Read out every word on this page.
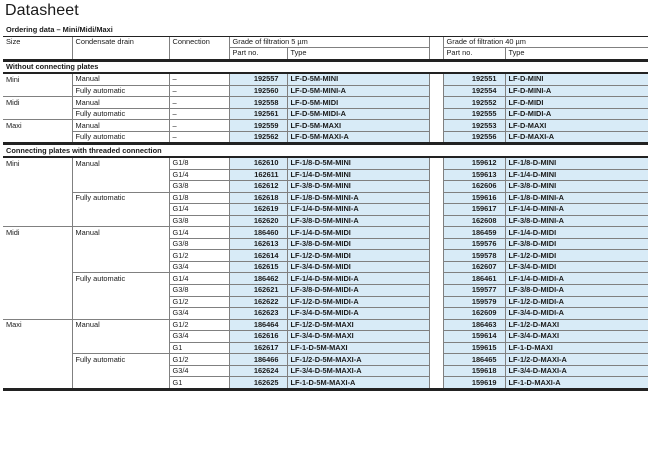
Datasheet
Ordering data – Mini/Midi/Maxi							
Size	Condensate drain	Connection	Grade of filtration 5 µm			Grade of filtration 40 µm	
			Part no.	Type		Part no.	Type
Without connecting plates							
Mini	Manual	–	192557	LF-D-5M-MINI		192551	LF-D-MINI
	Fully automatic	–	192560	LF-D-5M-MINI-A		192554	LF-D-MINI-A
Midi	Manual	–	192558	LF-D-5M-MIDI		192552	LF-D-MIDI
	Fully automatic	–	192561	LF-D-5M-MIDI-A		192555	LF-D-MIDI-A
Maxi	Manual	–	192559	LF-D-5M-MAXI		192553	LF-D-MAXI
	Fully automatic	–	192562	LF-D-5M-MAXI-A		192556	LF-D-MAXI-A
Connecting plates with threaded connection							
Mini	Manual	G1/8	162610	LF-1/8-D-5M-MINI		159612	LF-1/8-D-MINI
		G1/4	162611	LF-1/4-D-5M-MINI		159613	LF-1/4-D-MINI
		G3/8	162612	LF-3/8-D-5M-MINI		162606	LF-3/8-D-MINI
	Fully automatic	G1/8	162618	LF-1/8-D-5M-MINI-A		159616	LF-1/8-D-MINI-A
		G1/4	162619	LF-1/4-D-5M-MINI-A		159617	LF-1/4-D-MINI-A
		G3/8	162620	LF-3/8-D-5M-MINI-A		162608	LF-3/8-D-MINI-A
Midi	Manual	G1/4	186460	LF-1/4-D-5M-MIDI		186459	LF-1/4-D-MIDI
		G3/8	162613	LF-3/8-D-5M-MIDI		159576	LF-3/8-D-MIDI
		G1/2	162614	LF-1/2-D-5M-MIDI		159578	LF-1/2-D-MIDI
		G3/4	162615	LF-3/4-D-5M-MIDI		162607	LF-3/4-D-MIDI
	Fully automatic	G1/4	186462	LF-1/4-D-5M-MIDI-A		186461	LF-1/4-D-MIDI-A
		G3/8	162621	LF-3/8-D-5M-MIDI-A		159577	LF-3/8-D-MIDI-A
		G1/2	162622	LF-1/2-D-5M-MIDI-A		159579	LF-1/2-D-MIDI-A
		G3/4	162623	LF-3/4-D-5M-MIDI-A		162609	LF-3/4-D-MIDI-A
Maxi	Manual	G1/2	186464	LF-1/2-D-5M-MAXI		186463	LF-1/2-D-MAXI
		G3/4	162616	LF-3/4-D-5M-MAXI		159614	LF-3/4-D-MAXI
		G1	162617	LF-1-D-5M-MAXI		159615	LF-1-D-MAXI
	Fully automatic	G1/2	186466	LF-1/2-D-5M-MAXI-A		186465	LF-1/2-D-MAXI-A
		G3/4	162624	LF-3/4-D-5M-MAXI-A		159618	LF-3/4-D-MAXI-A
		G1	162625	LF-1-D-5M-MAXI-A		159619	LF-1-D-MAXI-A
